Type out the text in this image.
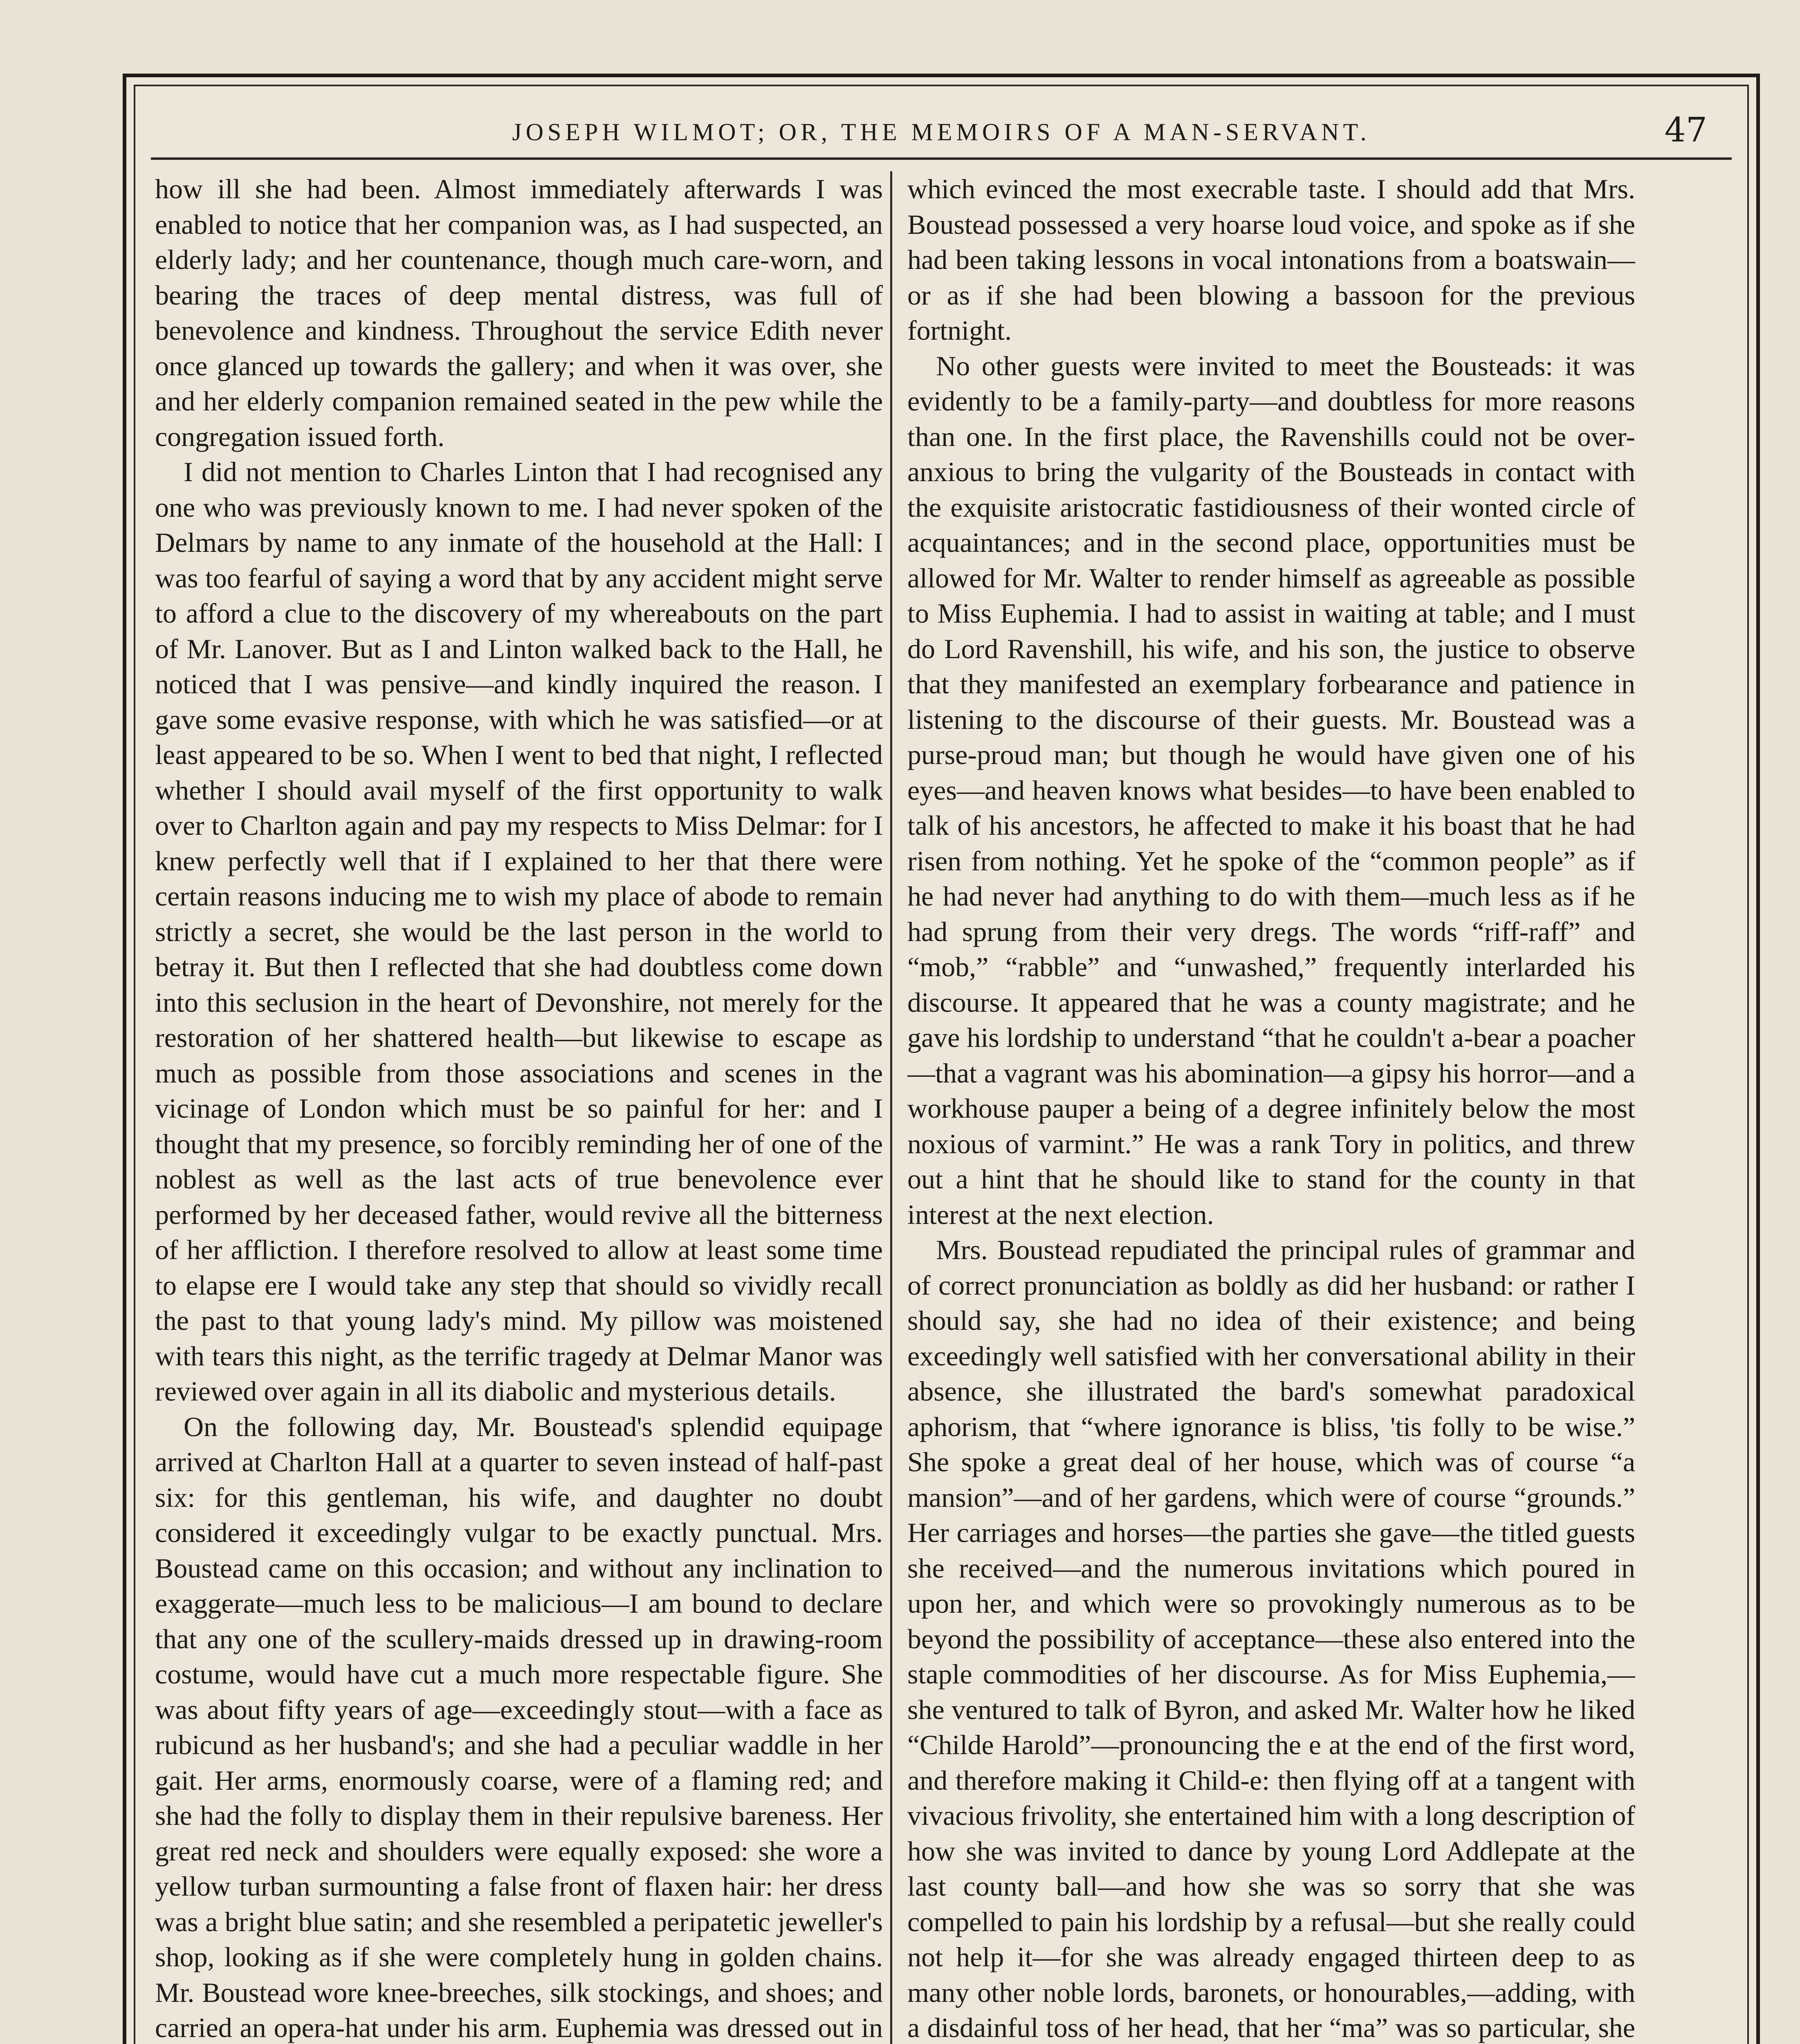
JOSEPH WILMOT; OR, THE MEMOIRS OF A MAN-SERVANT.	47

how ill she had been. Almost immediately afterwards I was enabled to notice that her companion was, as I had suspected, an elderly lady; and her countenance, though much care-worn, and bearing the traces of deep mental distress, was full of benevolence and kindness. Throughout the service Edith never once glanced up towards the gallery; and when it was over, she and her elderly companion remained seated in the pew while the congregation issued forth.

I did not mention to Charles Linton that I had recognised any one who was previously known to me. I had never spoken of the Delmars by name to any inmate of the household at the Hall: I was too fearful of saying a word that by any accident might serve to afford a clue to the discovery of my whereabouts on the part of Mr. Lanover. But as I and Linton walked back to the Hall, he noticed that I was pensive—and kindly inquired the reason. I gave some evasive response, with which he was satisfied—or at least appeared to be so. When I went to bed that night, I reflected whether I should avail myself of the first opportunity to walk over to Charlton again and pay my respects to Miss Delmar: for I knew perfectly well that if I explained to her that there were certain reasons inducing me to wish my place of abode to remain strictly a secret, she would be the last person in the world to betray it. But then I reflected that she had doubtless come down into this seclusion in the heart of Devonshire, not merely for the restoration of her shattered health—but likewise to escape as much as possible from those associations and scenes in the vicinage of London which must be so painful for her: and I thought that my presence, so forcibly reminding her of one of the noblest as well as the last acts of true benevolence ever performed by her deceased father, would revive all the bitterness of her affliction. I therefore resolved to allow at least some time to elapse ere I would take any step that should so vividly recall the past to that young lady's mind. My pillow was moistened with tears this night, as the terrific tragedy at Delmar Manor was reviewed over again in all its diabolic and mysterious details.

On the following day, Mr. Boustead's splendid equipage arrived at Charlton Hall at a quarter to seven instead of half-past six: for this gentleman, his wife, and daughter no doubt considered it exceedingly vulgar to be exactly punctual. Mrs. Boustead came on this occasion; and without any inclination to exaggerate—much less to be malicious—I am bound to declare that any one of the scullery-maids dressed up in drawing-room costume, would have cut a much more respectable figure. She was about fifty years of age—exceedingly stout—with a face as rubicund as her husband's; and she had a peculiar waddle in her gait. Her arms, enormously coarse, were of a flaming red; and she had the folly to display them in their repulsive bareness. Her great red neck and shoulders were equally exposed: she wore a yellow turban surmounting a false front of flaxen hair: her dress was a bright blue satin; and she resembled a peripatetic jeweller's shop, looking as if she were completely hung in golden chains. Mr. Boustead wore knee-breeches, silk stockings, and shoes; and carried an opera-hat under his arm. Euphemia was dressed out in

which evinced the most execrable taste. I should add that Mrs. Boustead possessed a very hoarse loud voice, and spoke as if she had been taking lessons in vocal intonations from a boatswain—or as if she had been blowing a bassoon for the previous fortnight.

No other guests were invited to meet the Bousteads: it was evidently to be a family-party—and doubtless for more reasons than one. In the first place, the Ravenshills could not be over-anxious to bring the vulgarity of the Bousteads in contact with the exquisite aristocratic fastidiousness of their wonted circle of acquaintances; and in the second place, opportunities must be allowed for Mr. Walter to render himself as agreeable as possible to Miss Euphemia. I had to assist in waiting at table; and I must do Lord Ravenshill, his wife, and his son, the justice to observe that they manifested an exemplary forbearance and patience in listening to the discourse of their guests. Mr. Boustead was a purse-proud man; but though he would have given one of his eyes—and heaven knows what besides—to have been enabled to talk of his ancestors, he affected to make it his boast that he had risen from nothing. Yet he spoke of the “common people” as if he had never had anything to do with them—much less as if he had sprung from their very dregs. The words “riff-raff” and “mob,” “rabble” and “unwashed,” frequently interlarded his discourse. It appeared that he was a county magistrate; and he gave his lordship to understand “that he couldn't a-bear a poacher—that a vagrant was his abomination—a gipsy his horror—and a workhouse pauper a being of a degree infinitely below the most noxious of varmint.” He was a rank Tory in politics, and threw out a hint that he should like to stand for the county in that interest at the next election.

Mrs. Boustead repudiated the principal rules of grammar and of correct pronunciation as boldly as did her husband: or rather I should say, she had no idea of their existence; and being exceedingly well satisfied with her conversational ability in their absence, she illustrated the bard's somewhat paradoxical aphorism, that “where ignorance is bliss, 'tis folly to be wise.” She spoke a great deal of her house, which was of course “a mansion”—and of her gardens, which were of course “grounds.” Her carriages and horses—the parties she gave—the titled guests she received—and the numerous invitations which poured in upon her, and which were so provokingly numerous as to be beyond the possibility of acceptance—these also entered into the staple commodities of her discourse. As for Miss Euphemia,—she ventured to talk of Byron, and asked Mr. Walter how he liked “Childe Harold”—pronouncing the e at the end of the first word, and therefore making it Child-e: then flying off at a tangent with vivacious frivolity, she entertained him with a long description of how she was invited to dance by young Lord Addlepate at the last county ball—and how she was so sorry that she was compelled to pain his lordship by a refusal—but she really could not help it—for she was already engaged thirteen deep to as many other noble lords, baronets, or honourables,—adding, with a disdainful toss of her head, that her “ma” was so particular, she
